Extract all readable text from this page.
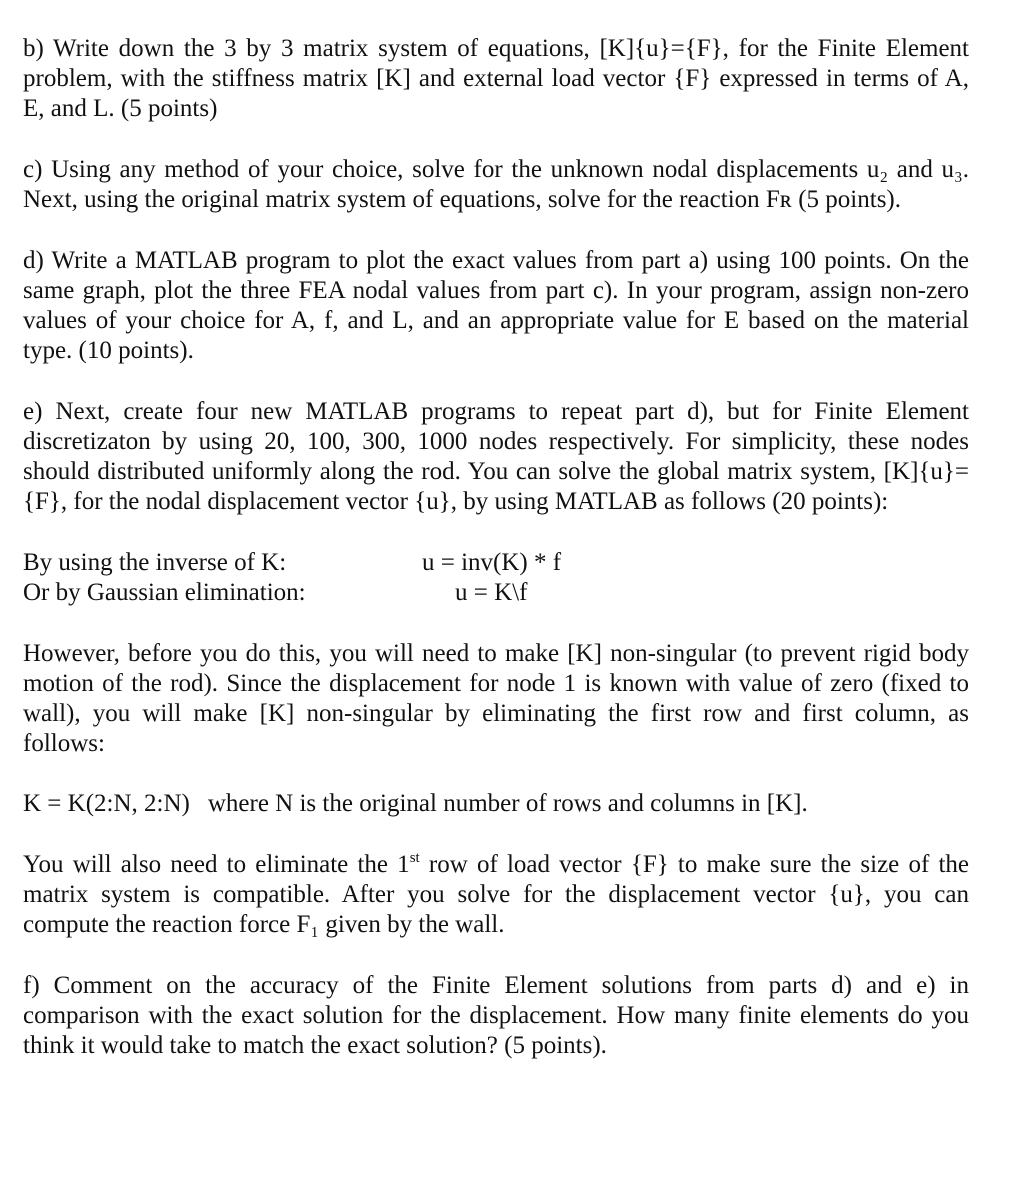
b) Write down the 3 by 3 matrix system of equations, [K]{u}={F}, for the Finite Element problem, with the stiffness matrix [K] and external load vector {F} expressed in terms of A, E, and L. (5 points)

c) Using any method of your choice, solve for the unknown nodal displacements u₂ and u₃. Next, using the original matrix system of equations, solve for the reaction Fʀ (5 points).

d) Write a MATLAB program to plot the exact values from part a) using 100 points. On the same graph, plot the three FEA nodal values from part c). In your program, assign non-zero values of your choice for A, f, and L, and an appropriate value for E based on the material type. (10 points).

e) Next, create four new MATLAB programs to repeat part d), but for Finite Element discretizaton by using 20, 100, 300, 1000 nodes respectively. For simplicity, these nodes should distributed uniformly along the rod. You can solve the global matrix system, [K]{u}={F}, for the nodal displacement vector {u}, by using MATLAB as follows (20 points):

By using the inverse of K:	u = inv(K) * f
Or by Gaussian elimination:	u = K\f

However, before you do this, you will need to make [K] non-singular (to prevent rigid body motion of the rod). Since the displacement for node 1 is known with value of zero (fixed to wall), you will make [K] non-singular by eliminating the first row and first column, as follows:

K = K(2:N, 2:N) where N is the original number of rows and columns in [K].

You will also need to eliminate the 1st row of load vector {F} to make sure the size of the matrix system is compatible. After you solve for the displacement vector {u}, you can compute the reaction force F₁ given by the wall.

f) Comment on the accuracy of the Finite Element solutions from parts d) and e) in comparison with the exact solution for the displacement. How many finite elements do you think it would take to match the exact solution? (5 points).
